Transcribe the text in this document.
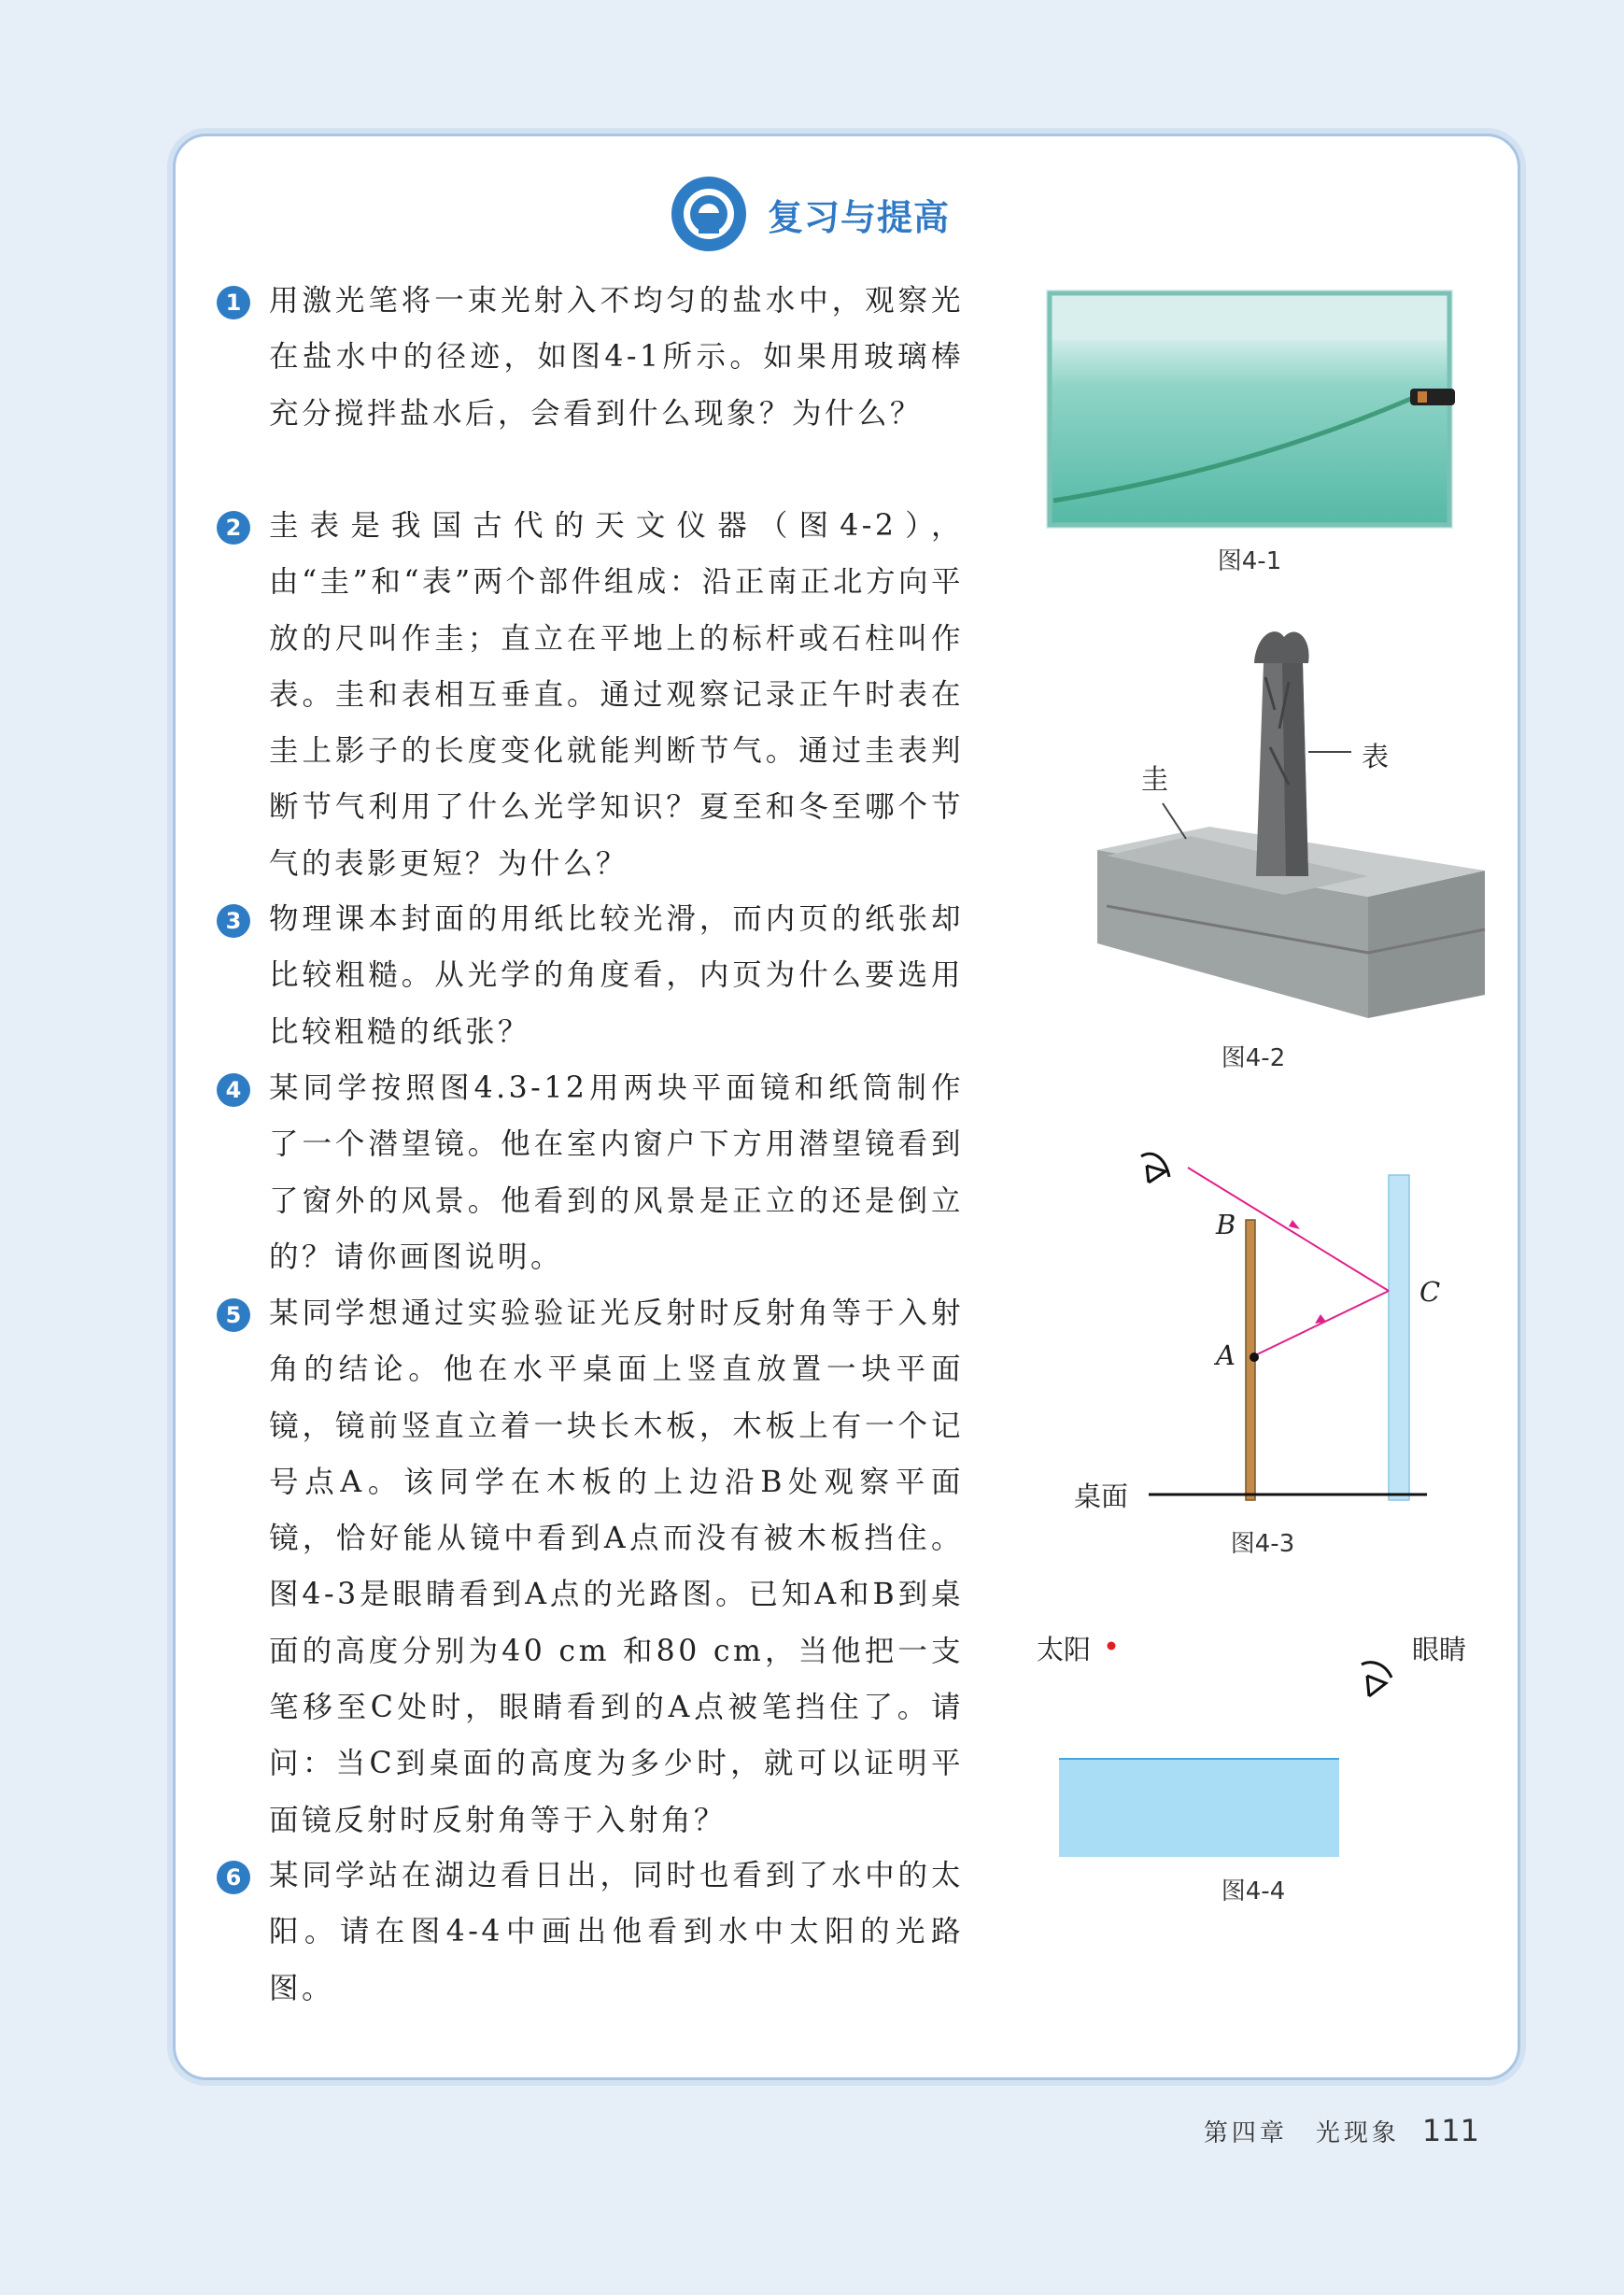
复习与提高
1 用激光笔将一束光射入不均匀的盐水中，观察光在盐水中的径迹，如图4-1所示。如果用玻璃棒充分搅拌盐水后，会看到什么现象？为什么？
2 圭表是我国古代的天文仪器（图4-2），由“圭”和“表”两个部件组成：沿正南正北方向平放的尺叫作圭；直立在平地上的标杆或石柱叫作表。圭和表相互垂直。通过观察记录正午时表在圭上影子的长度变化就能判断节气。通过圭表判断节气利用了什么光学知识？夏至和冬至哪个节气的表影更短？为什么？
3 物理课本封面的用纸比较光滑，而内页的纸张却比较粗糙。从光学的角度看，内页为什么要选用比较粗糙的纸张？
4 某同学按照图4.3-12用两块平面镜和纸筒制作了一个潜望镜。他在室内窗户下方用潜望镜看到了窗外的风景。他看到的风景是正立的还是倒立的？请你画图说明。
5 某同学想通过实验验证光反射时反射角等于入射角的结论。他在水平桌面上竖直放置一块平面镜，镜前竖直立着一块长木板，木板上有一个记号点A。该同学在木板的上边沿B处观察平面镜，恰好能从镜中看到A点而没有被木板挡住。图4-3是眼睛看到A点的光路图。已知A和B到桌面的高度分别为40 cm 和80 cm，当他把一支笔移至C处时，眼睛看到的A点被笔挡住了。请问：当C到桌面的高度为多少时，就可以证明平面镜反射时反射角等于入射角？
6 某同学站在湖边看日出，同时也看到了水中的太阳。请在图4-4中画出他看到水中太阳的光路图。
图4-1
圭
表
图4-2
B
A
C
桌面
图4-3
太阳	眼睛
图4-4
第四章　光现象 111
